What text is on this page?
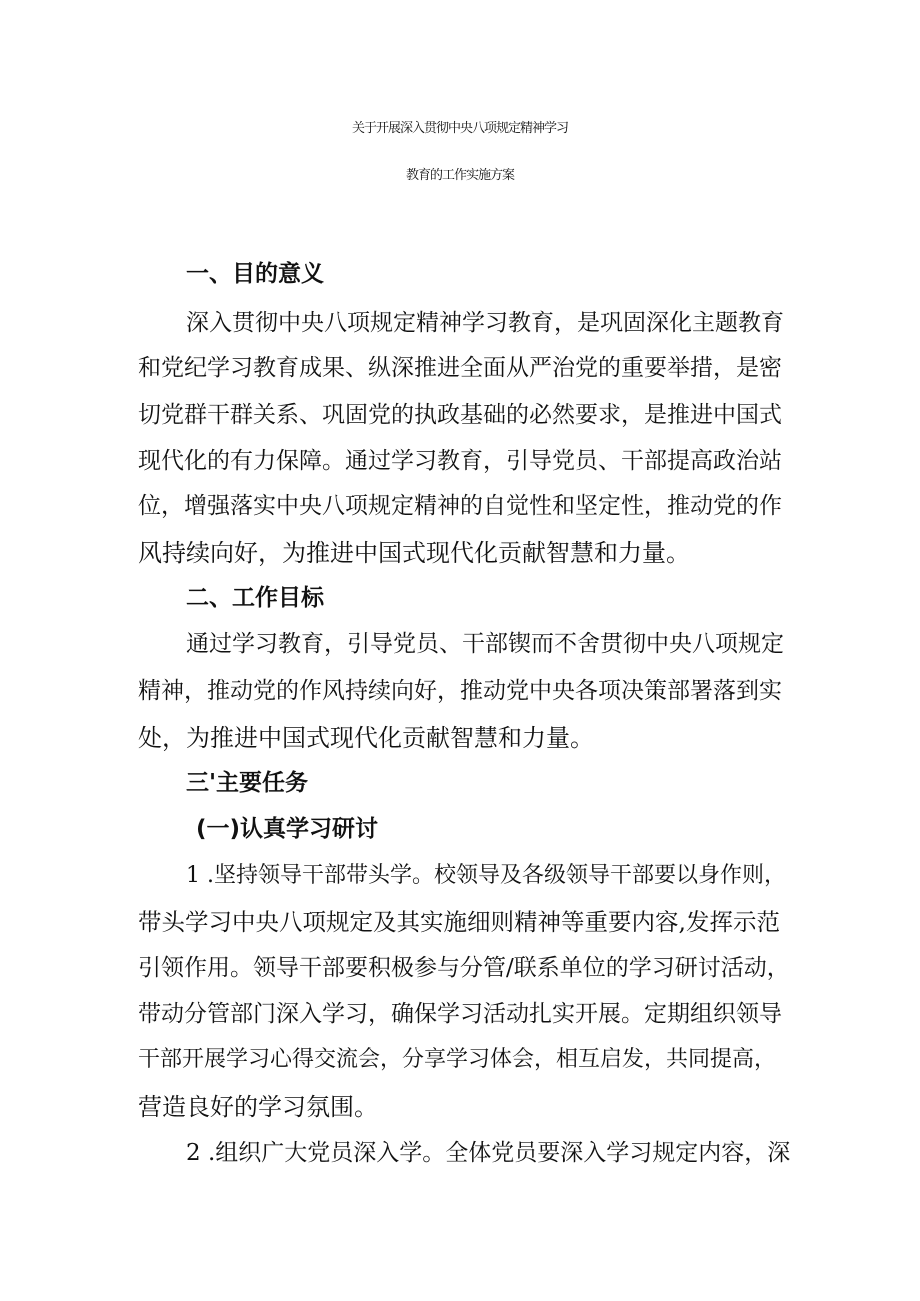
关于开展深入贯彻中央八项规定精神学习
教育的工作实施方案
一、目的意义
深入贯彻中央八项规定精神学习教育，是巩固深化主题教育
和党纪学习教育成果、纵深推进全面从严治党的重要举措，是密
切党群干群关系、巩固党的执政基础的必然要求，是推进中国式
现代化的有力保障。通过学习教育，引导党员、干部提高政治站
位，增强落实中央八项规定精神的自觉性和坚定性，推动党的作
风持续向好，为推进中国式现代化贡献智慧和力量。
二、工作目标
通过学习教育，引导党员、干部锲而不舍贯彻中央八项规定
精神，推动党的作风持续向好，推动党中央各项决策部署落到实
处，为推进中国式现代化贡献智慧和力量。
三'主要任务
(一)认真学习研讨
1 .坚持领导干部带头学。校领导及各级领导干部要以身作则，
带头学习中央八项规定及其实施细则精神等重要内容,发挥示范
引领作用。领导干部要积极参与分管/联系单位的学习研讨活动，
带动分管部门深入学习，确保学习活动扎实开展。定期组织领导
干部开展学习心得交流会，分享学习体会，相互启发，共同提高，
营造良好的学习氛围。
2 .组织广大党员深入学。全体党员要深入学习规定内容，深
